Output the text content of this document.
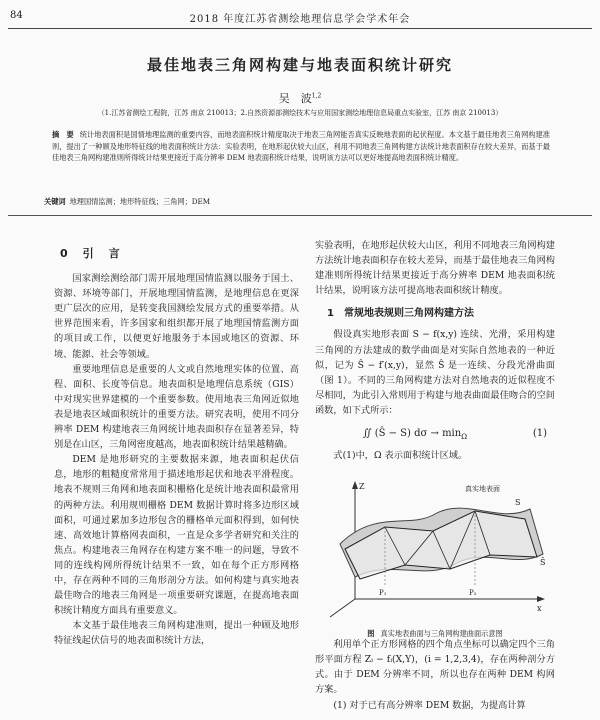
84	2018 年度江苏省测绘地理信息学会学术年会
最佳地表三角网构建与地表面积统计研究
吴　波$^{1,2}$
（1.江苏省测绘工程院，江苏 南京 210013；2.自然资源部测绘技术与应用国家测绘地理信息局重点实验室，江苏 南京 210013）
摘　要 统计地表面积是国情地理监测的重要内容，而地表面积统计精度取决于地表三角网能否真实反映地表面的起伏程度。本文基于最佳地表三角网构建准则，提出了一种顾及地形特征线的地表面积统计方法：实验表明，在地形起伏较大山区，利用不同地表三角网构建方法统计地表面积存在较大差异，而基于最佳地表三角网构建准则所得统计结果更接近于高分辨率 DEM 地表面积统计结果，说明该方法可以更好地提高地表面积统计精度。
关键词 地理国情监测；地形特征线；三角网；DEM
0　引　言

国家测绘测绘部门需开展地理国情监测以服务于国土、资源、环境等部门，开展地理国情监测，是地理信息在更深更广层次的应用，是转变我国测绘发展方式的重要举措。从世界范围来看，许多国家和组织都开展了地理国情监测方面的项目或工作，以便更好地服务于本国或地区的资源、环境、能源、社会等领域。

重要地理信息是重要的人文或自然地理实体的位置、高程、面积、长度等信息。地表面积是地理信息系统（GIS）中对现实世界建模的一个重要参数。使用地表三角网近似地表是地表区域面积统计的重要方法。研究表明，使用不同分辨率 DEM 构建地表三角网统计地表面积存在显著差异，特别是在山区，三角网密度越高，地表面积统计结果越精确。

DEM 是地形研究的主要数据来源，地表面积起伏信息，地形的粗糙度常常用于描述地形起伏和地表平滑程度。地表不规则三角网和地表面积栅格化是统计地表面积最常用的两种方法。利用规则栅格 DEM 数据计算时将多边形区域面积，可通过累加多边形包含的栅格单元面积得到，如何快速、高效地计算格网表面积，一直是众多学者研究和关注的焦点。构建地表三角网存在构建方案不唯一的问题，导致不同的连线构网所得统计结果不一致，如在每个正方形网格中，存在两种不同的三角形剖分方法。如何构建与真实地表最佳吻合的地表三角网是一项重要研究课题，在提高地表面积统计精度方面具有重要意义。

本文基于最佳地表三角网构建准则，提出一种顾及地形特征线起伏信号的地表面积统计方法，

实验表明，在地形起伏较大山区，利用不同地表三角网构建方法统计地表面积存在较大差异，而基于最佳地表三角网构建准则所得统计结果更接近于高分辨率 DEM 地表面积统计结果，说明该方法可提高地表面积统计精度。

1　常规地表规则三角网构建方法

假设真实地形表面 S − f(x,y) 连续、光滑，采用构建三角网的方法建成的数学曲面是对实际自然地表的一种近似，记为 Ŝ − f′(x,y)，显然 Ŝ 是一连续、分段光滑曲面（图 1）。不同的三角网构建方法对自然地表的近似程度不尽相同，为此引入常则用于构建与地表曲面最佳吻合的空间函数，如下式所示：

∬ (Ŝ − S) $d\sigma \to \min_\Omega$	(1)

式(1)中，Ω 表示面积统计区域。

Z	真实地表面
S
Ŝ
P₁	P₂
x
图 真实地表曲面与三角网构建曲面示意图

利用单个正方形网格的四个角点坐标可以确定四个三角形平面方程 Zᵢ − fᵢ(X,Y)，(i = 1,2,3,4)，存在两种剖分方式。由于 DEM 分辨率不同，所以也存在两种 DEM 构网方案。

(1) 对于已有高分辨率 DEM 数据，为提高计算
